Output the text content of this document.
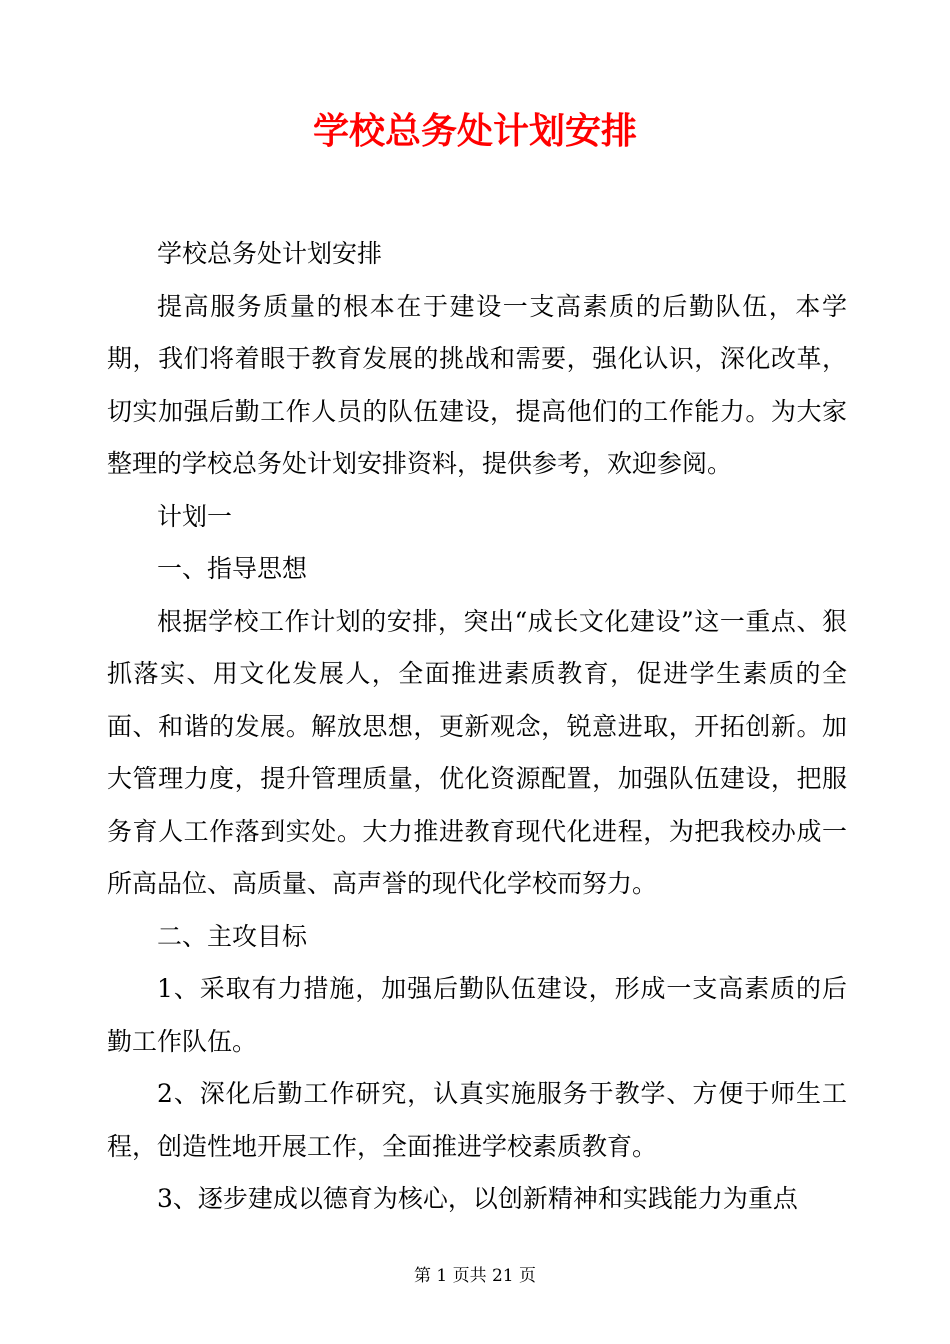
学校总务处计划安排

学校总务处计划安排

提高服务质量的根本在于建设一支高素质的后勤队伍，本学期，我们将着眼于教育发展的挑战和需要，强化认识，深化改革，切实加强后勤工作人员的队伍建设，提高他们的工作能力。为大家整理的学校总务处计划安排资料，提供参考，欢迎参阅。

计划一

一、指导思想

根据学校工作计划的安排，突出“成长文化建设”这一重点、狠抓落实、用文化发展人，全面推进素质教育，促进学生素质的全面、和谐的发展。解放思想，更新观念，锐意进取，开拓创新。加大管理力度，提升管理质量，优化资源配置，加强队伍建设，把服务育人工作落到实处。大力推进教育现代化进程，为把我校办成一所高品位、高质量、高声誉的现代化学校而努力。

二、主攻目标

1、采取有力措施，加强后勤队伍建设，形成一支高素质的后勤工作队伍。

2、深化后勤工作研究，认真实施服务于教学、方便于师生工程，创造性地开展工作，全面推进学校素质教育。

3、逐步建成以德育为核心，以创新精神和实践能力为重点

第 1 页共 21 页
